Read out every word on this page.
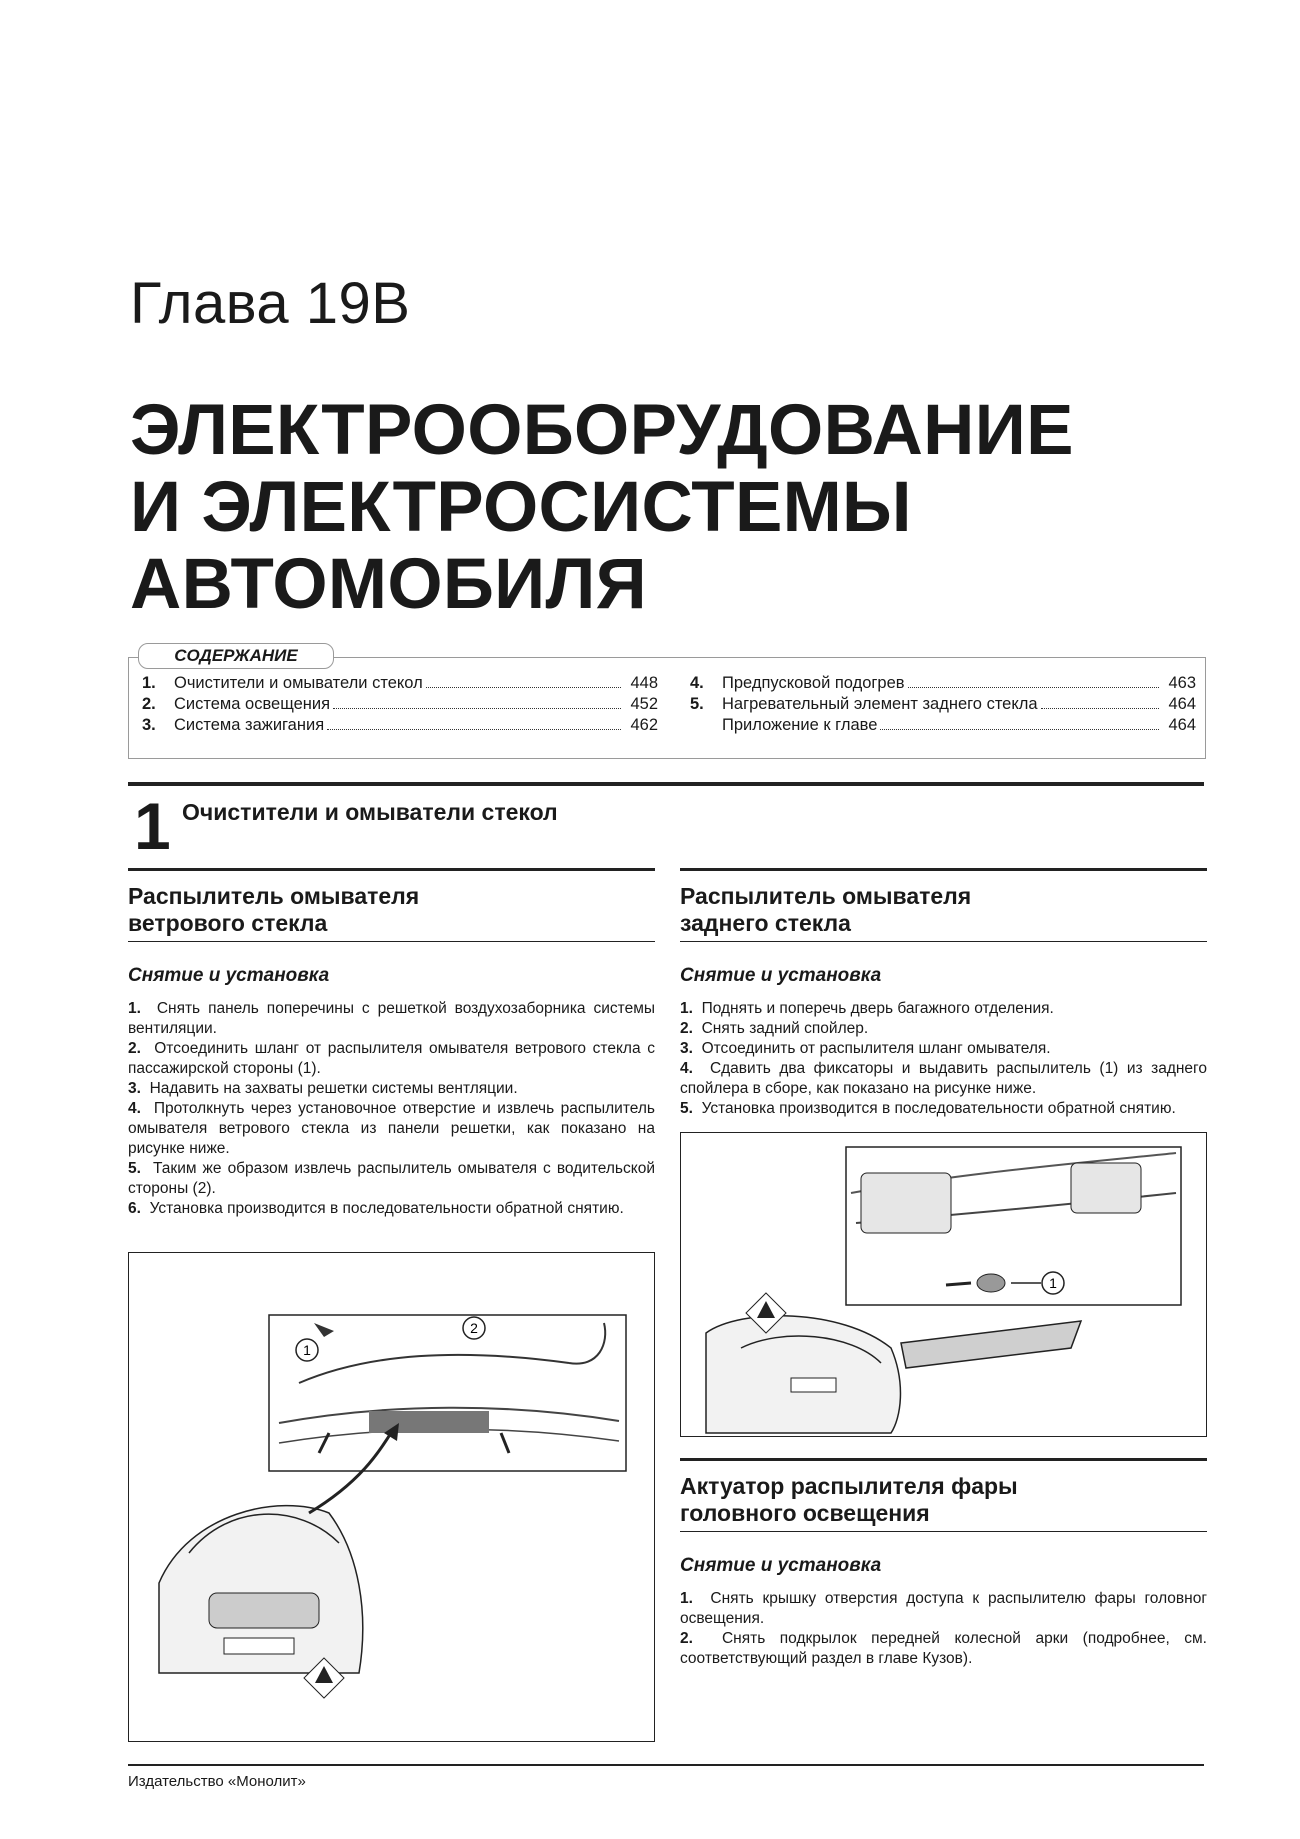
Глава 19В
ЭЛЕКТРООБОРУДОВАНИЕ
И ЭЛЕКТРОСИСТЕМЫ
АВТОМОБИЛЯ
СОДЕРЖАНИЕ
1.	Очистители и омыватели стекол	448
2.	Система освещения	452
3.	Система зажигания	462
4.	Предпусковой подогрев	463
5.	Нагревательный элемент заднего стекла	464
Приложение к главе	464
1 Очистители и омыватели стекол
Распылитель омывателя
ветрового стекла
Снятие и установка

1. Снять панель поперечины с решеткой воздухозаборника системы вентиляции.

2. Отсоединить шланг от распылителя омывателя ветрового стекла с пассажирской стороны (1).

3. Надавить на захваты решетки системы вентляции.

4. Протолкнуть через установочное отверстие и извлечь распылитель омывателя ветрового стекла из панели решетки, как показано на рисунке ниже.

5. Таким же образом извлечь распылитель омывателя с водительской стороны (2).

6. Установка производится в последовательности обратной снятию.

1
2
Распылитель омывателя
заднего стекла
Снятие и установка

1. Поднять и поперечь дверь багажного отделения.

2. Снять задний спойлер.

3. Отсоединить от распылителя шланг омывателя.

4. Сдавить два фиксаторы и выдавить распылитель (1) из заднего спойлера в сборе, как показано на рисунке ниже.

5. Установка производится в последовательности обратной снятию.

1
Актуатор распылителя фары
головного освещения
Снятие и установка

1. Снять крышку отверстия доступа к распылителю фары головног освещения.

2. Снять подкрылок передней колесной арки (подробнее, см. соответствующий раздел в главе Кузов).

Издательство «Монолит»
